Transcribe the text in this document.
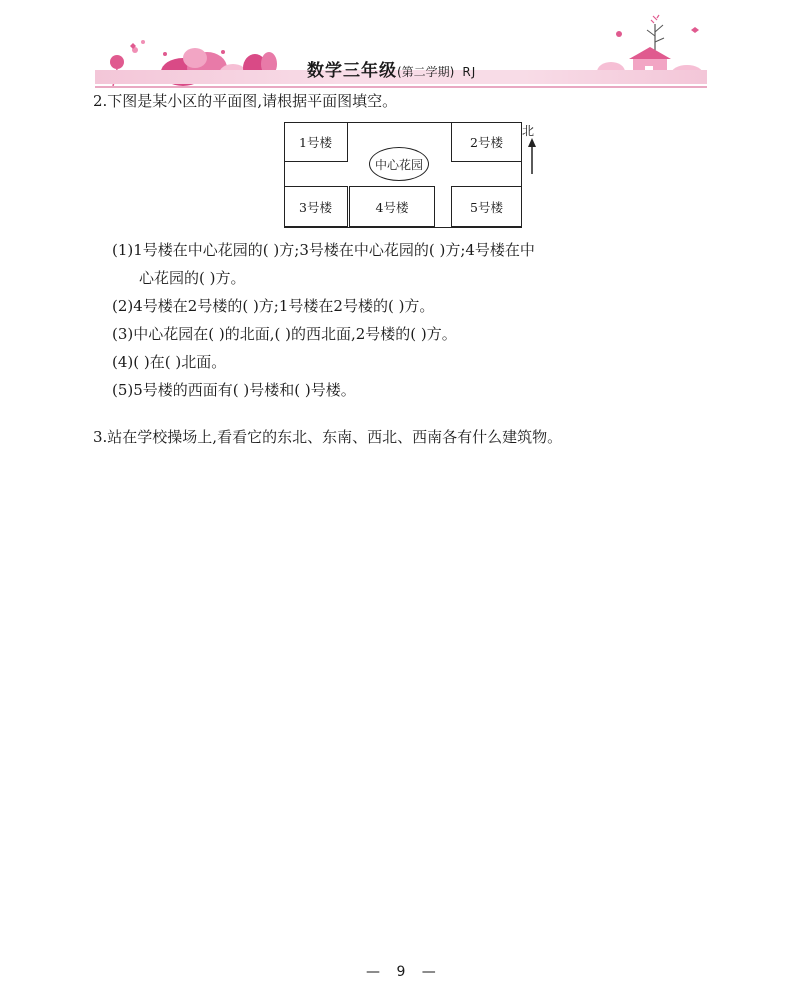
数学三年级(第二学期) RJ
2.下图是某小区的平面图,请根据平面图填空。
1号楼	2号楼
中心花园
3号楼	4号楼	5号楼
北
(1)1号楼在中心花园的( )方;3号楼在中心花园的( )方;4号楼在中
心花园的( )方。
(2)4号楼在2号楼的( )方;1号楼在2号楼的( )方。
(3)中心花园在( )的北面,( )的西北面,2号楼的( )方。
(4)( )在( )北面。
(5)5号楼的西面有( )号楼和( )号楼。
3.站在学校操场上,看看它的东北、东南、西北、西南各有什么建筑物。
— 9 —
